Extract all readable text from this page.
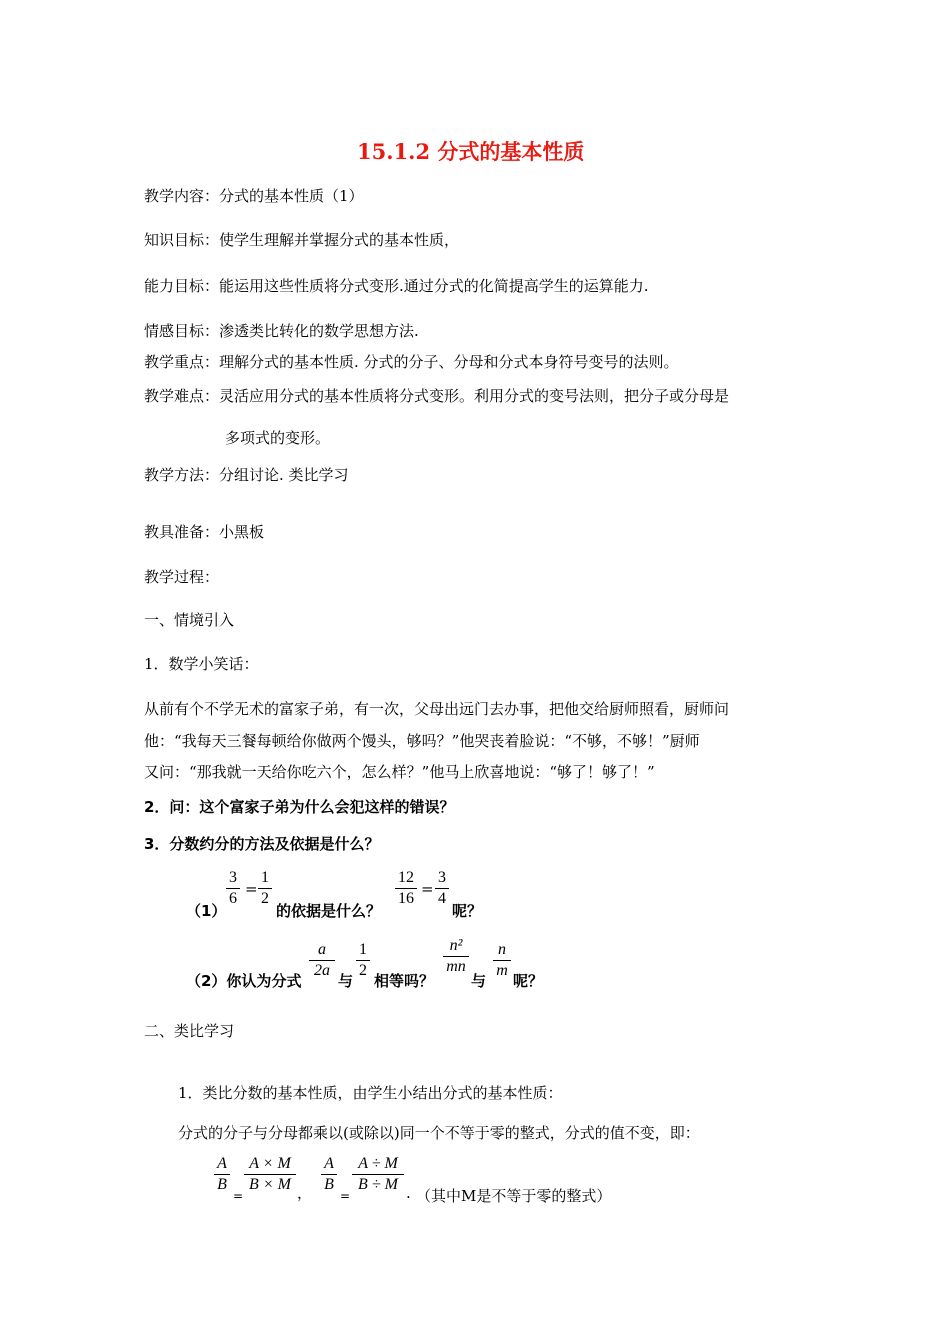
15.1.2 分式的基本性质
教学内容：分式的基本性质（1）
知识目标：使学生理解并掌握分式的基本性质，
能力目标：能运用这些性质将分式变形.通过分式的化简提高学生的运算能力.
情感目标：渗透类比转化的数学思想方法.
教学重点：理解分式的基本性质. 分式的分子、分母和分式本身符号变号的法则。
教学难点：灵活应用分式的基本性质将分式变形。利用分式的变号法则，把分子或分母是
多项式的变形。
教学方法：分组讨论. 类比学习
教具准备：小黑板
教学过程：
一、情境引入
1．数学小笑话：
从前有个不学无术的富家子弟，有一次，父母出远门去办事，把他交给厨师照看，厨师问
他：“我每天三餐每顿给你做两个馒头，够吗？”他哭丧着脸说：“不够，不够！”厨师
又问：“那我就一天给你吃六个，怎么样？”他马上欣喜地说：“够了！够了！”
2．问：这个富家子弟为什么会犯这样的错误？
3．分数约分的方法及依据是什么？
（1）
3
6
=
1
2
的依据是什么？
12
16
=
3
4
呢？
（2）你认为分式
a
2a
与
1
2
相等吗？
n²
mn
与
n
m
呢？
二、类比学习
1．类比分数的基本性质，由学生小结出分式的基本性质：
分式的分子与分母都乘以(或除以)同一个不等于零的整式，分式的值不变，即：
A
B
=
A × M
B × M ，
A
B
=
A ÷ M
B ÷ M . （其中M是不等于零的整式）
